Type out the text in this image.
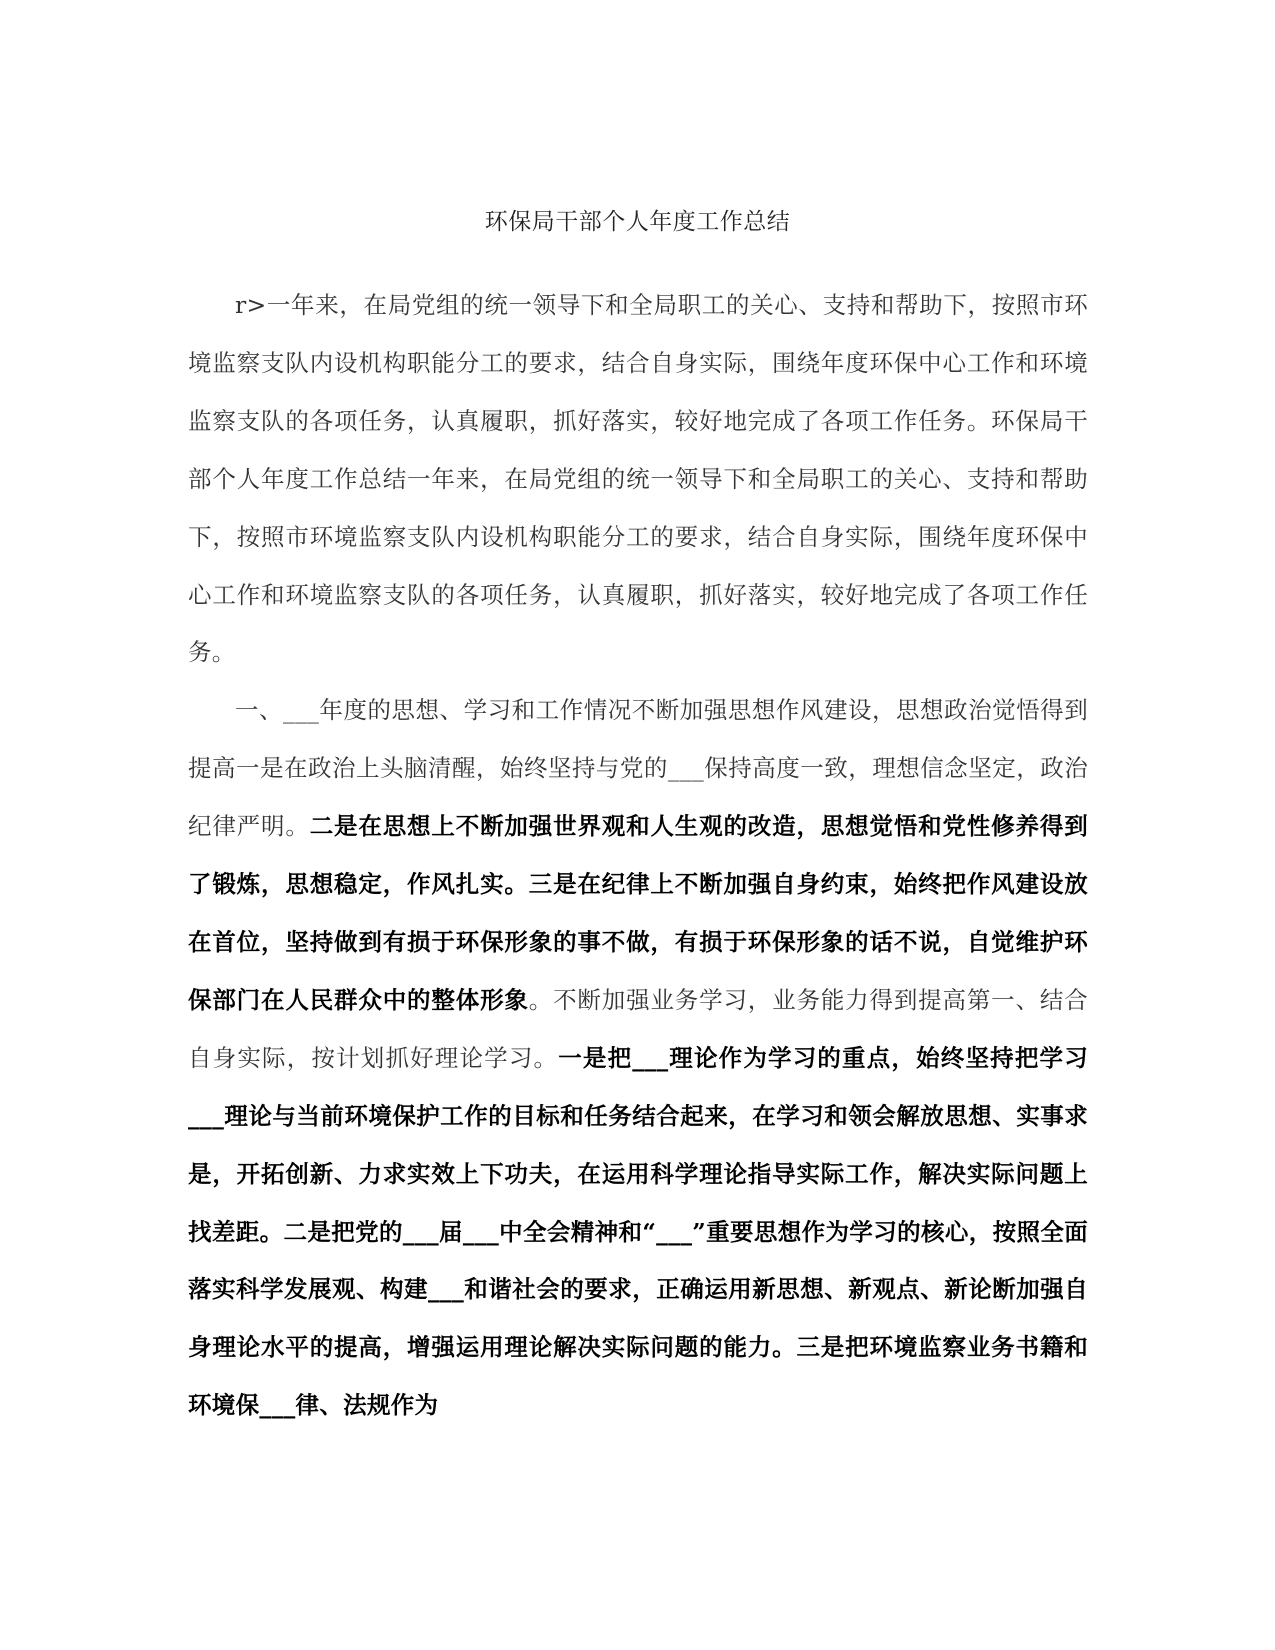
环保局干部个人年度工作总结

r>一年来，在局党组的统一领导下和全局职工的关心、支持和帮助下，按照市环境监察支队内设机构职能分工的要求，结合自身实际，围绕年度环保中心工作和环境监察支队的各项任务，认真履职，抓好落实，较好地完成了各项工作任务。环保局干部个人年度工作总结一年来，在局党组的统一领导下和全局职工的关心、支持和帮助下，按照市环境监察支队内设机构职能分工的要求，结合自身实际，围绕年度环保中心工作和环境监察支队的各项任务，认真履职，抓好落实，较好地完成了各项工作任务。

一、___年度的思想、学习和工作情况不断加强思想作风建设，思想政治觉悟得到提高一是在政治上头脑清醒，始终坚持与党的___保持高度一致，理想信念坚定，政治纪律严明。二是在思想上不断加强世界观和人生观的改造，思想觉悟和党性修养得到了锻炼，思想稳定，作风扎实。三是在纪律上不断加强自身约束，始终把作风建设放在首位，坚持做到有损于环保形象的事不做，有损于环保形象的话不说，自觉维护环保部门在人民群众中的整体形象。不断加强业务学习，业务能力得到提高第一、结合自身实际，按计划抓好理论学习。一是把___理论作为学习的重点，始终坚持把学习___理论与当前环境保护工作的目标和任务结合起来，在学习和领会解放思想、实事求是，开拓创新、力求实效上下功夫，在运用科学理论指导实际工作，解决实际问题上找差距。二是把党的___届___中全会精神和“___”重要思想作为学习的核心，按照全面落实科学发展观、构建___和谐社会的要求，正确运用新思想、新观点、新论断加强自身理论水平的提高，增强运用理论解决实际问题的能力。三是把环境监察业务书籍和环境保___律、法规作为
